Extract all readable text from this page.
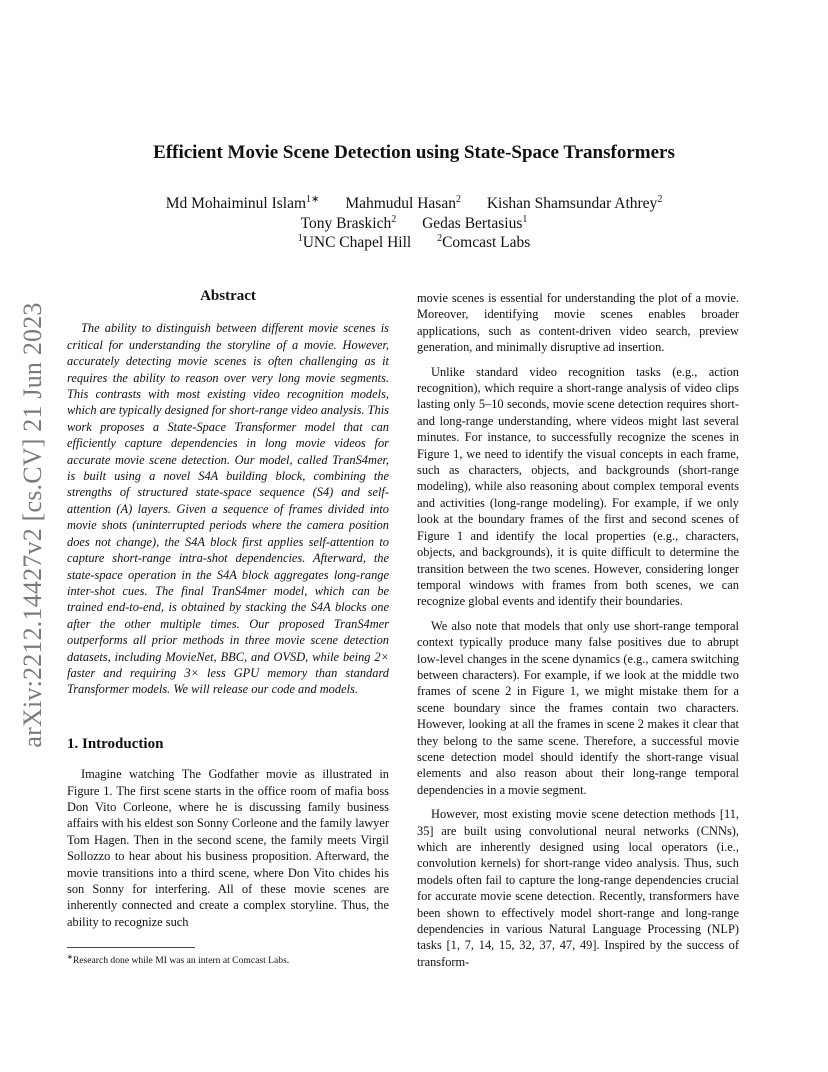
arXiv:2212.14427v2 [cs.CV] 21 Jun 2023
Efficient Movie Scene Detection using State-Space Transformers
Md Mohaiminul Islam$^{1∗}$ Mahmudul Hasan$^2$ Kishan Shamsundar Athrey$^2$
Tony Braskich$^2$ Gedas Bertasius$^1$
$^1$UNC Chapel Hill	$^2$Comcast Labs
Abstract

The ability to distinguish between different movie scenes is critical for understanding the storyline of a movie. However, accurately detecting movie scenes is often challenging as it requires the ability to reason over very long movie segments. This contrasts with most existing video recognition models, which are typically designed for short-range video analysis. This work proposes a State-Space Transformer model that can efficiently capture dependencies in long movie videos for accurate movie scene detection. Our model, called TranS4mer, is built using a novel S4A building block, combining the strengths of structured state-space sequence (S4) and self-attention (A) layers. Given a sequence of frames divided into movie shots (uninterrupted periods where the camera position does not change), the S4A block first applies self-attention to capture short-range intra-shot dependencies. Afterward, the state-space operation in the S4A block aggregates long-range inter-shot cues. The final TranS4mer model, which can be trained end-to-end, is obtained by stacking the S4A blocks one after the other multiple times. Our proposed TranS4mer outperforms all prior methods in three movie scene detection datasets, including MovieNet, BBC, and OVSD, while being 2× faster and requiring 3× less GPU memory than standard Transformer models. We will release our code and models.

1. Introduction

Imagine watching The Godfather movie as illustrated in Figure 1. The first scene starts in the office room of mafia boss Don Vito Corleone, where he is discussing family business affairs with his eldest son Sonny Corleone and the family lawyer Tom Hagen. Then in the second scene, the family meets Virgil Sollozzo to hear about his business proposition. Afterward, the movie transitions into a third scene, where Don Vito chides his son Sonny for interfering. All of these movie scenes are inherently connected and create a complex storyline. Thus, the ability to recognize such

movie scenes is essential for understanding the plot of a movie. Moreover, identifying movie scenes enables broader applications, such as content-driven video search, preview generation, and minimally disruptive ad insertion.

Unlike standard video recognition tasks (e.g., action recognition), which require a short-range analysis of video clips lasting only 5–10 seconds, movie scene detection requires short- and long-range understanding, where videos might last several minutes. For instance, to successfully recognize the scenes in Figure 1, we need to identify the visual concepts in each frame, such as characters, objects, and backgrounds (short-range modeling), while also reasoning about complex temporal events and activities (long-range modeling). For example, if we only look at the boundary frames of the first and second scenes of Figure 1 and identify the local properties (e.g., characters, objects, and backgrounds), it is quite difficult to determine the transition between the two scenes. However, considering longer temporal windows with frames from both scenes, we can recognize global events and identify their boundaries.

We also note that models that only use short-range temporal context typically produce many false positives due to abrupt low-level changes in the scene dynamics (e.g., camera switching between characters). For example, if we look at the middle two frames of scene 2 in Figure 1, we might mistake them for a scene boundary since the frames contain two characters. However, looking at all the frames in scene 2 makes it clear that they belong to the same scene. Therefore, a successful movie scene detection model should identify the short-range visual elements and also reason about their long-range temporal dependencies in a movie segment.

However, most existing movie scene detection methods [11, 35] are built using convolutional neural networks (CNNs), which are inherently designed using local operators (i.e., convolution kernels) for short-range video analysis. Thus, such models often fail to capture the long-range dependencies crucial for accurate movie scene detection. Recently, transformers have been shown to effectively model short-range and long-range dependencies in various Natural Language Processing (NLP) tasks [1, 7, 14, 15, 32, 37, 47, 49]. Inspired by the success of transform-

∗Research done while MI was an intern at Comcast Labs.
